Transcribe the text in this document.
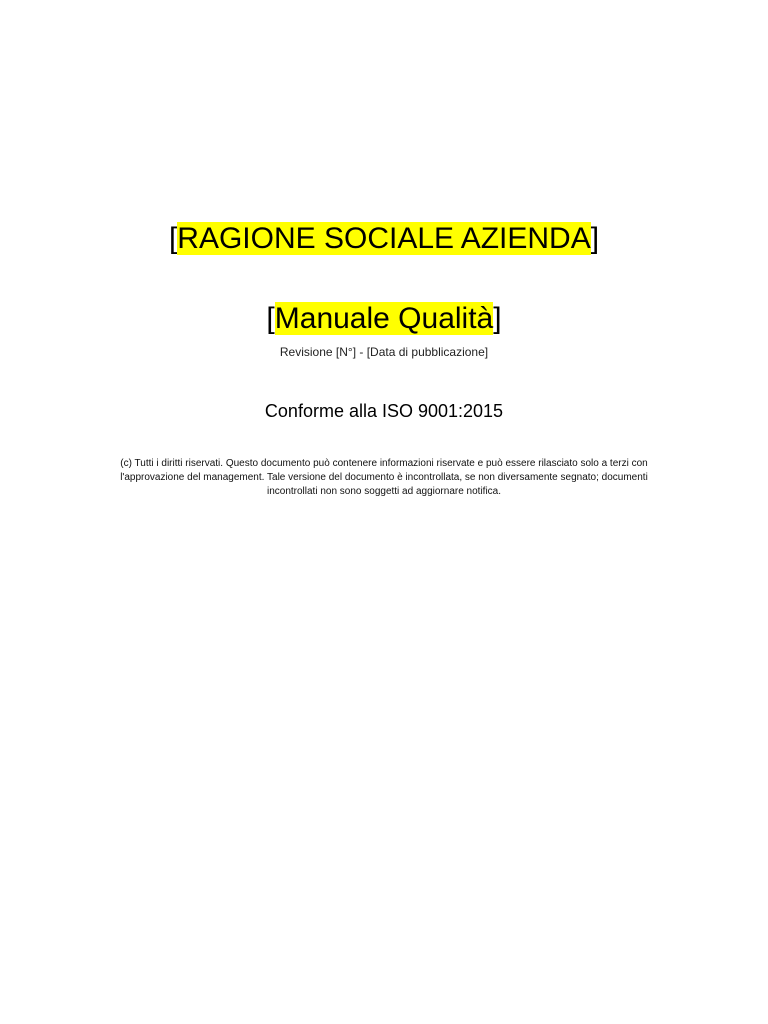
[RAGIONE SOCIALE AZIENDA]
[Manuale Qualità]
Revisione [N°] - [Data di pubblicazione]
Conforme alla ISO 9001:2015
(c) Tutti i diritti riservati. Questo documento può contenere informazioni riservate e può essere rilasciato solo a terzi con
l'approvazione del management. Tale versione del documento è incontrollata, se non diversamente segnato; documenti
incontrollati non sono soggetti ad aggiornare notifica.
